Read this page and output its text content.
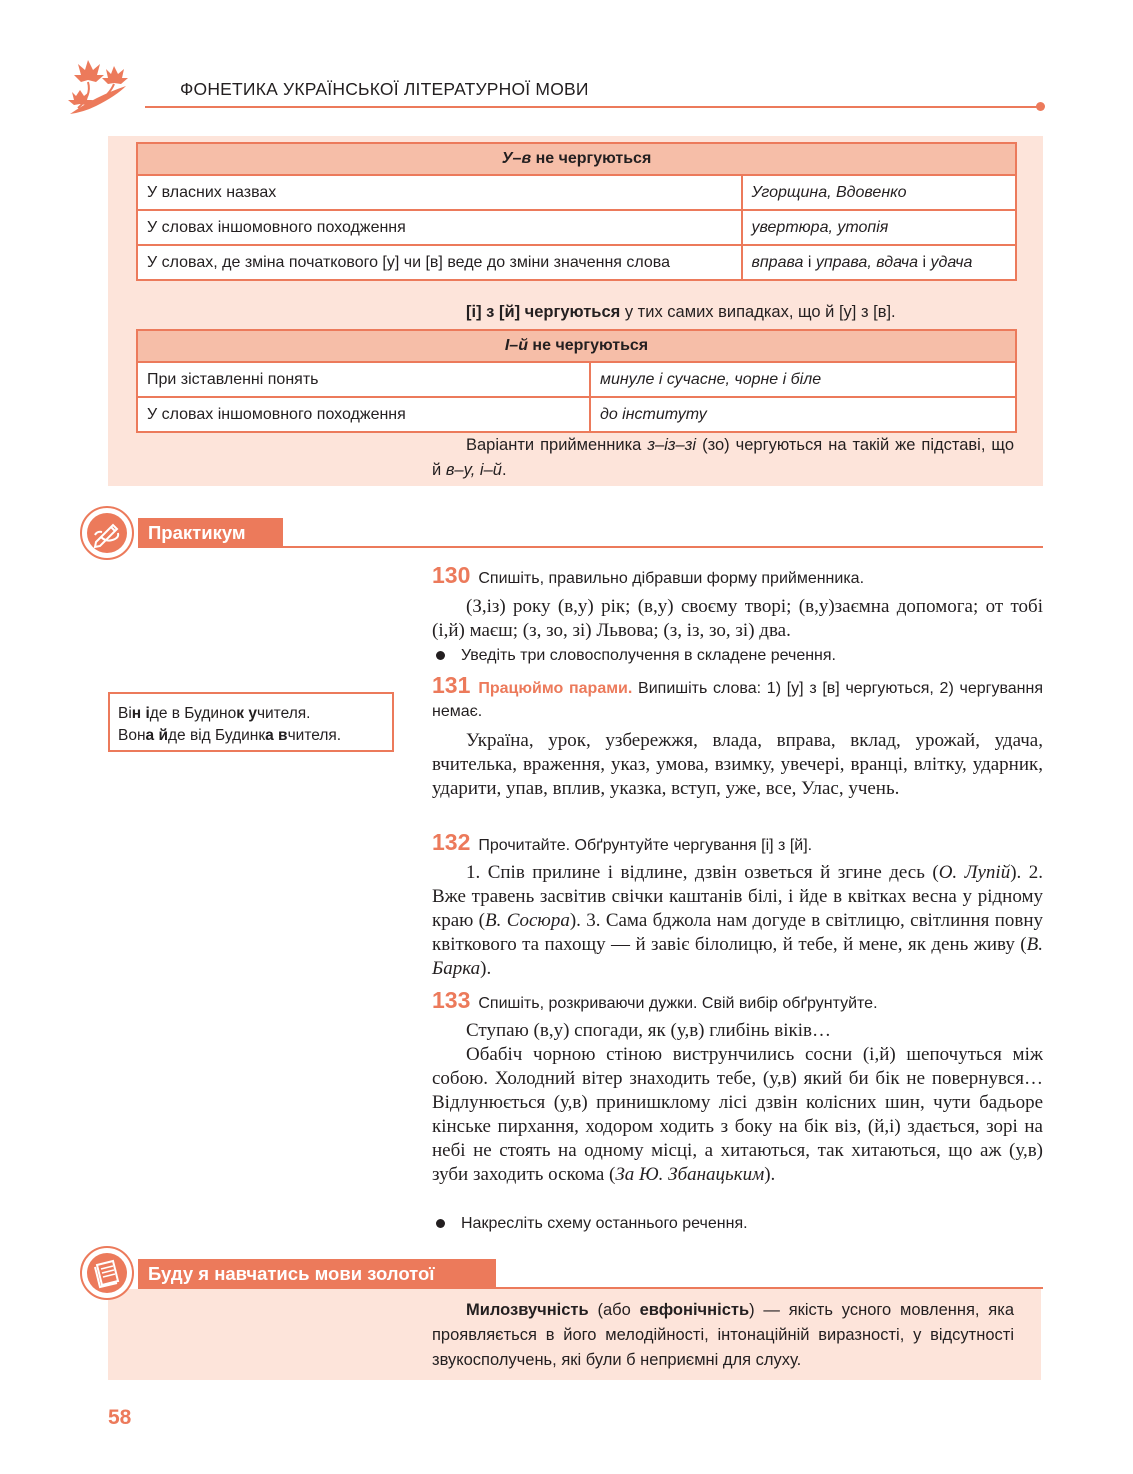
ФОНЕТИКА УКРАЇНСЬКОЇ ЛІТЕРАТУРНОЇ МОВИ
У–в не чергуються	
У власних назвах	Угорщина, Вдовенко
У словах іншомовного походження	увертюра, утопія
У словах, де зміна початкового [у] чи [в] веде до зміни значення слова	вправа і управа, вдача і удача
[і] з [й] чергуються у тих самих випадках, що й [у] з [в].
І–й не чергуються	
При зіставленні понять	минуле і сучасне, чорне і біле
У словах іншомовного походження	до інституту
Варіанти прийменника з–із–зі (зо) чергуються на такій же підставі, що й в–у, і–й.
Практикум
130 Спишіть, правильно дібравши форму прийменника.
(З,із) року (в,у) рік; (в,у) своєму творі; (в,у)заємна допомога; от тобі (і,й) маєш; (з, зо, зі) Львова; (з, із, зо, зі) два.
Уведіть три словосполучення в складене речення.
Він іде в Будинок учителя.
Вона йде від Будинка вчителя.
131 Працюймо парами. Випишіть слова: 1) [у] з [в] чергуються, 2) чергування немає.
Україна, урок, узбережжя, влада, вправа, вклад, урожай, удача, вчителька, враження, указ, умова, взимку, увечері, вранці, влітку, ударник, ударити, упав, вплив, указка, вступ, уже, все, Улас, учень.
132 Прочитайте. Обґрунтуйте чергування [і] з [й].
1. Спів прилине і відлине, дзвін озветься й згине десь (О. Лупій). 2. Вже травень засвітив свічки каштанів білі, і йде в квітках весна у рідному краю (В. Сосюра). 3. Сама бджола нам догуде в світлицю, світлиння повну квіткового та пахощу — й завіє білолицю, й тебе, й мене, як день живу (В. Барка).
133 Спишіть, розкриваючи дужки. Свій вибір обґрунтуйте.
Ступаю (в,у) спогади, як (у,в) глибінь віків…
Обабіч чорною стіною виструнчились сосни (і,й) шепочуться між собою. Холодний вітер знаходить тебе, (у,в) який би бік не повернувся… Відлунюється (у,в) принишклому лісі дзвін колісних шин, чути бадьоре кінське пирхання, ходором ходить з боку на бік віз, (й,і) здається, зорі на небі не стоять на одному місці, а хитаються, так хитаються, що аж (у,в) зуби заходить оскома (За Ю. Збанацьким).
Накресліть схему останнього речення.
Буду я навчатись мови золотої
Милозвучність (або евфонічність) — якість усного мовлення, яка проявляється в його мелодійності, інтонаційній виразності, у відсутності звукосполучень, які були б неприємні для слуху.
58
